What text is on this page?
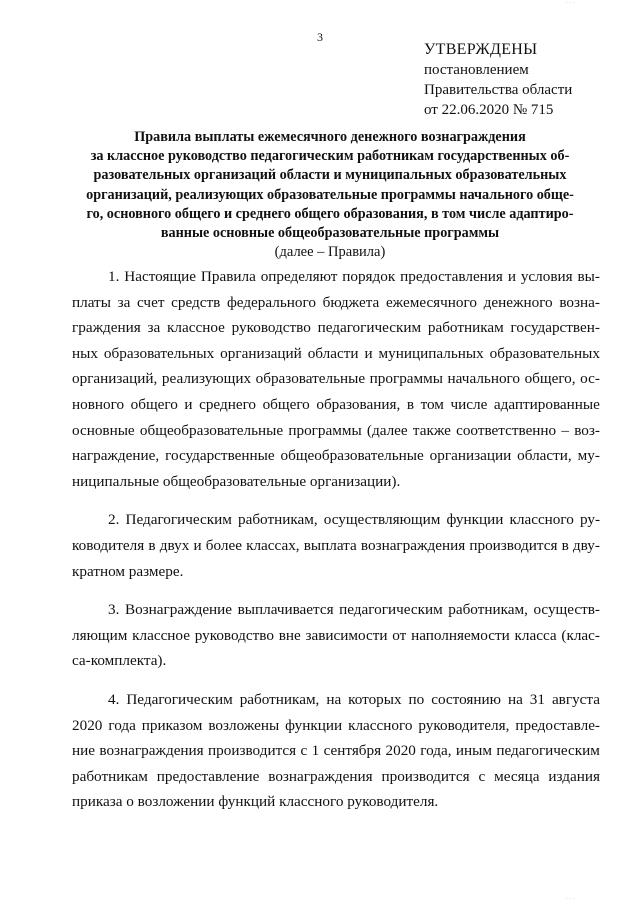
3
УТВЕРЖДЕНЫ
постановлением
Правительства области
от 22.06.2020 № 715
Правила выплаты ежемесячного денежного вознаграждения
за классное руководство педагогическим работникам государственных об-
разовательных организаций области и муниципальных образовательных
организаций, реализующих образовательные программы начального обще-
го, основного общего и среднего общего образования, в том числе адаптиро-
ванные основные общеобразовательные программы
(далее – Правила)
1. Настоящие Правила определяют порядок предоставления и условия вы-
платы за счет средств федерального бюджета ежемесячного денежного возна-
граждения за классное руководство педагогическим работникам государствен-
ных образовательных организаций области и муниципальных образовательных
организаций, реализующих образовательные программы начального общего, ос-
новного общего и среднего общего образования, в том числе адаптированные
основные общеобразовательные программы (далее также соответственно – воз-
награждение, государственные общеобразовательные организации области, му-
ниципальные общеобразовательные организации).
2. Педагогическим работникам, осуществляющим функции классного ру-
ководителя в двух и более классах, выплата вознаграждения производится в дву-
кратном размере.
3. Вознаграждение выплачивается педагогическим работникам, осуществ-
ляющим классное руководство вне зависимости от наполняемости класса (клас-
са-комплекта).
4. Педагогическим работникам, на которых по состоянию на 31 августа
2020 года приказом возложены функции классного руководителя, предоставле-
ние вознаграждения производится с 1 сентября 2020 года, иным педагогическим
работникам предоставление вознаграждения производится с месяца издания
приказа о возложении функций классного руководителя.
· · ·
· · ·
